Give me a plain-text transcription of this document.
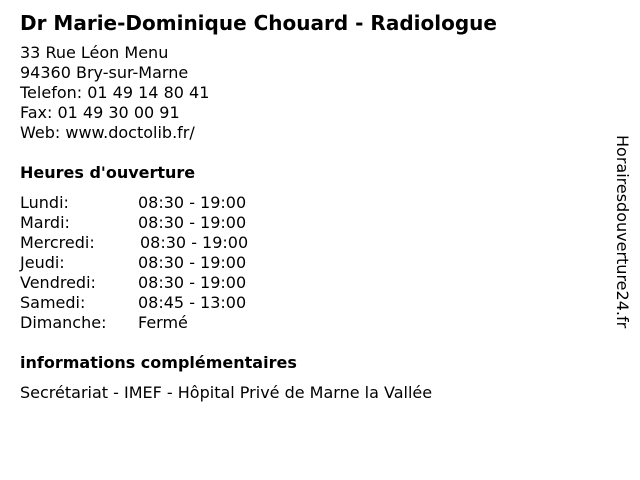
Dr Marie-Dominique Chouard - Radiologue
33 Rue Léon Menu
94360 Bry-sur-Marne
Telefon: 01 49 14 80 41
Fax: 01 49 30 00 91
Web: www.doctolib.fr/
Heures d'ouverture
Lundi:	08:30 - 19:00
Mardi:	08:30 - 19:00
Mercredi:	08:30 - 19:00
Jeudi:	08:30 - 19:00
Vendredi:	08:30 - 19:00
Samedi:	08:45 - 13:00
Dimanche: Fermé
informations complémentaires
Secrétariat - IMEF - Hôpital Privé de Marne la Vallée
Horairesdouverture24.fr
